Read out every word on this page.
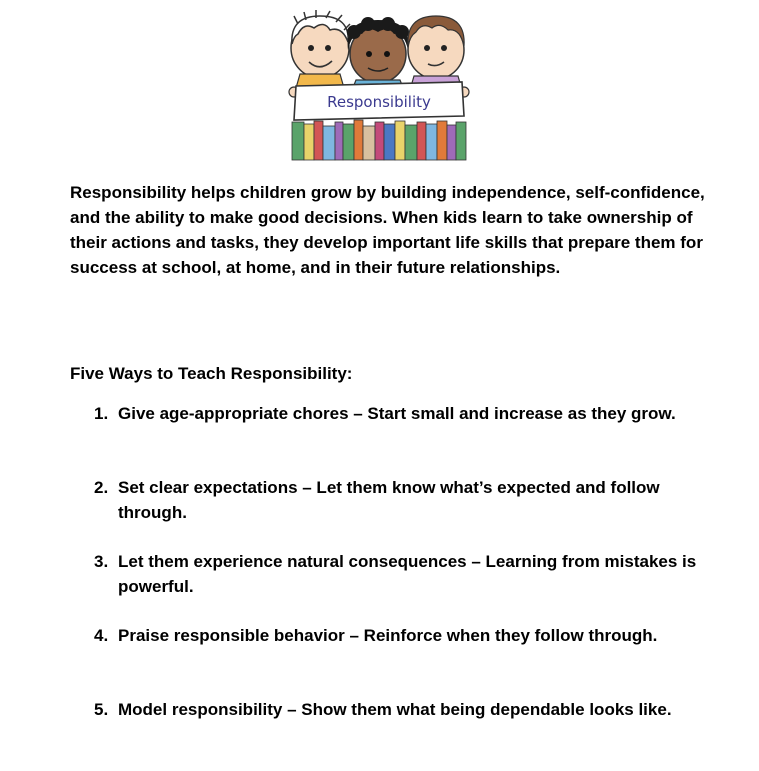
Responsibility

Responsibility helps children grow by building independence, self-confidence, and the ability to make good decisions. When kids learn to take ownership of their actions and tasks, they develop important life skills that prepare them for success at school, at home, and in their future relationships.

Five Ways to Teach Responsibility:

1. Give age-appropriate chores – Start small and increase as they grow.
2. Set clear expectations – Let them know what’s expected and follow through.
3. Let them experience natural consequences – Learning from mistakes is powerful.
4. Praise responsible behavior – Reinforce when they follow through.
5. Model responsibility – Show them what being dependable looks like.
